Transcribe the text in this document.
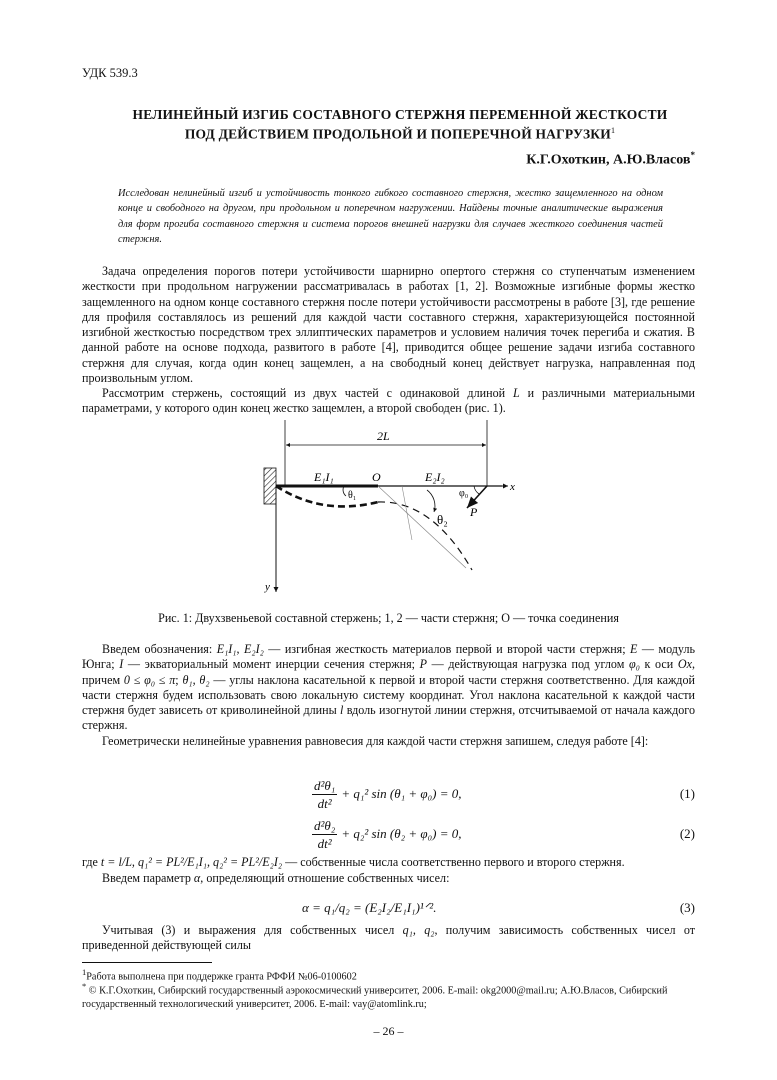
УДК 539.3
НЕЛИНЕЙНЫЙ ИЗГИБ СОСТАВНОГО СТЕРЖНЯ ПЕРЕМЕННОЙ ЖЕСТКОСТИ
ПОД ДЕЙСТВИЕМ ПРОДОЛЬНОЙ И ПОПЕРЕЧНОЙ НАГРУЗКИ$^1$
К.Г.Охоткин, А.Ю.Власов*
Исследован нелинейный изгиб и устойчивость тонкого гибкого составного стержня, жестко защемленного на одном конце и свободного на другом, при продольном и поперечном нагружении. Найдены точные аналитические выражения для форм прогиба составного стержня и система порогов внешней нагрузки для случаев жесткого соединения частей стержня.
Задача определения порогов потери устойчивости шарнирно опертого стержня со ступенчатым изменением жесткости при продольном нагружении рассматривалась в работах [1, 2]. Возможные изгибные формы жестко защемленного на одном конце составного стержня после потери устойчивости рассмотрены в работе [3], где решение для профиля составлялось из решений для каждой части составного стержня, характеризующейся постоянной изгибной жесткостью посредством трех эллиптических параметров и условием наличия точек перегиба и сжатия. В данной работе на основе подхода, развитого в работе [4], приводится общее решение задачи изгиба составного стержня для случая, когда один конец защемлен, а на свободный конец действует нагрузка, направленная под произвольным углом.
Рассмотрим стержень, состоящий из двух частей с одинаковой длиной L и различными материальными параметрами, у которого один конец жестко защемлен, а второй свободен (рис. 1).
2L
x
y
E₁I₁	O	E₂I₂
θ₁
θ₂
φ₀
P
Рис. 1: Двухзвеньевой составной стержень; 1, 2 — части стержня; O — точка соединения
Введем обозначения: E₁I₁, E₂I₂ — изгибная жесткость материалов первой и второй части стержня; E — модуль Юнга; I — экваториальный момент инерции сечения стержня; P — действующая нагрузка под углом φ₀ к оси Ox, причем 0 ≤ φ₀ ≤ π; θ₁, θ₂ — углы наклона касательной к первой и второй части стержня соответственно. Для каждой части стержня будем использовать свою локальную систему координат. Угол наклона касательной к каждой части стержня будет зависеть от криволинейной длины l вдоль изогнутой линии стержня, отсчитываемой от начала каждого стержня.
Геометрически нелинейные уравнения равновесия для каждой части стержня запишем, следуя работе [4]:
$\frac{\text{d²θ₁}}{\text{dt²}} + q_1^2$ sin (θ₁ + φ₀) = 0,	(1)
$\frac{\text{d²θ₂}}{\text{dt²}} + q_2^2$ sin (θ₂ + φ₀) = 0,	(2)
где t = l/L, q₁² = PL²/E₁I₁, q₂² = PL²/E₂I₂ — собственные числа соответственно первого и второго стержня.
Введем параметр α, определяющий отношение собственных чисел:
α = q₁/q₂ = (E₂I₂/E₁I₁)¹ᐟ².	(3)
Учитывая (3) и выражения для собственных чисел q₁, q₂, получим зависимость собственных чисел от приведенной действующей силы
$^1$Работа выполнена при поддержке гранта РФФИ №06-0100602
* © К.Г.Охоткин, Сибирский государственный аэрокосмический университет, 2006. E-mail: okg2000@mail.ru; А.Ю.Власов, Сибирский государственный технологический университет, 2006. E-mail: vay@atomlink.ru;
– 26 –
